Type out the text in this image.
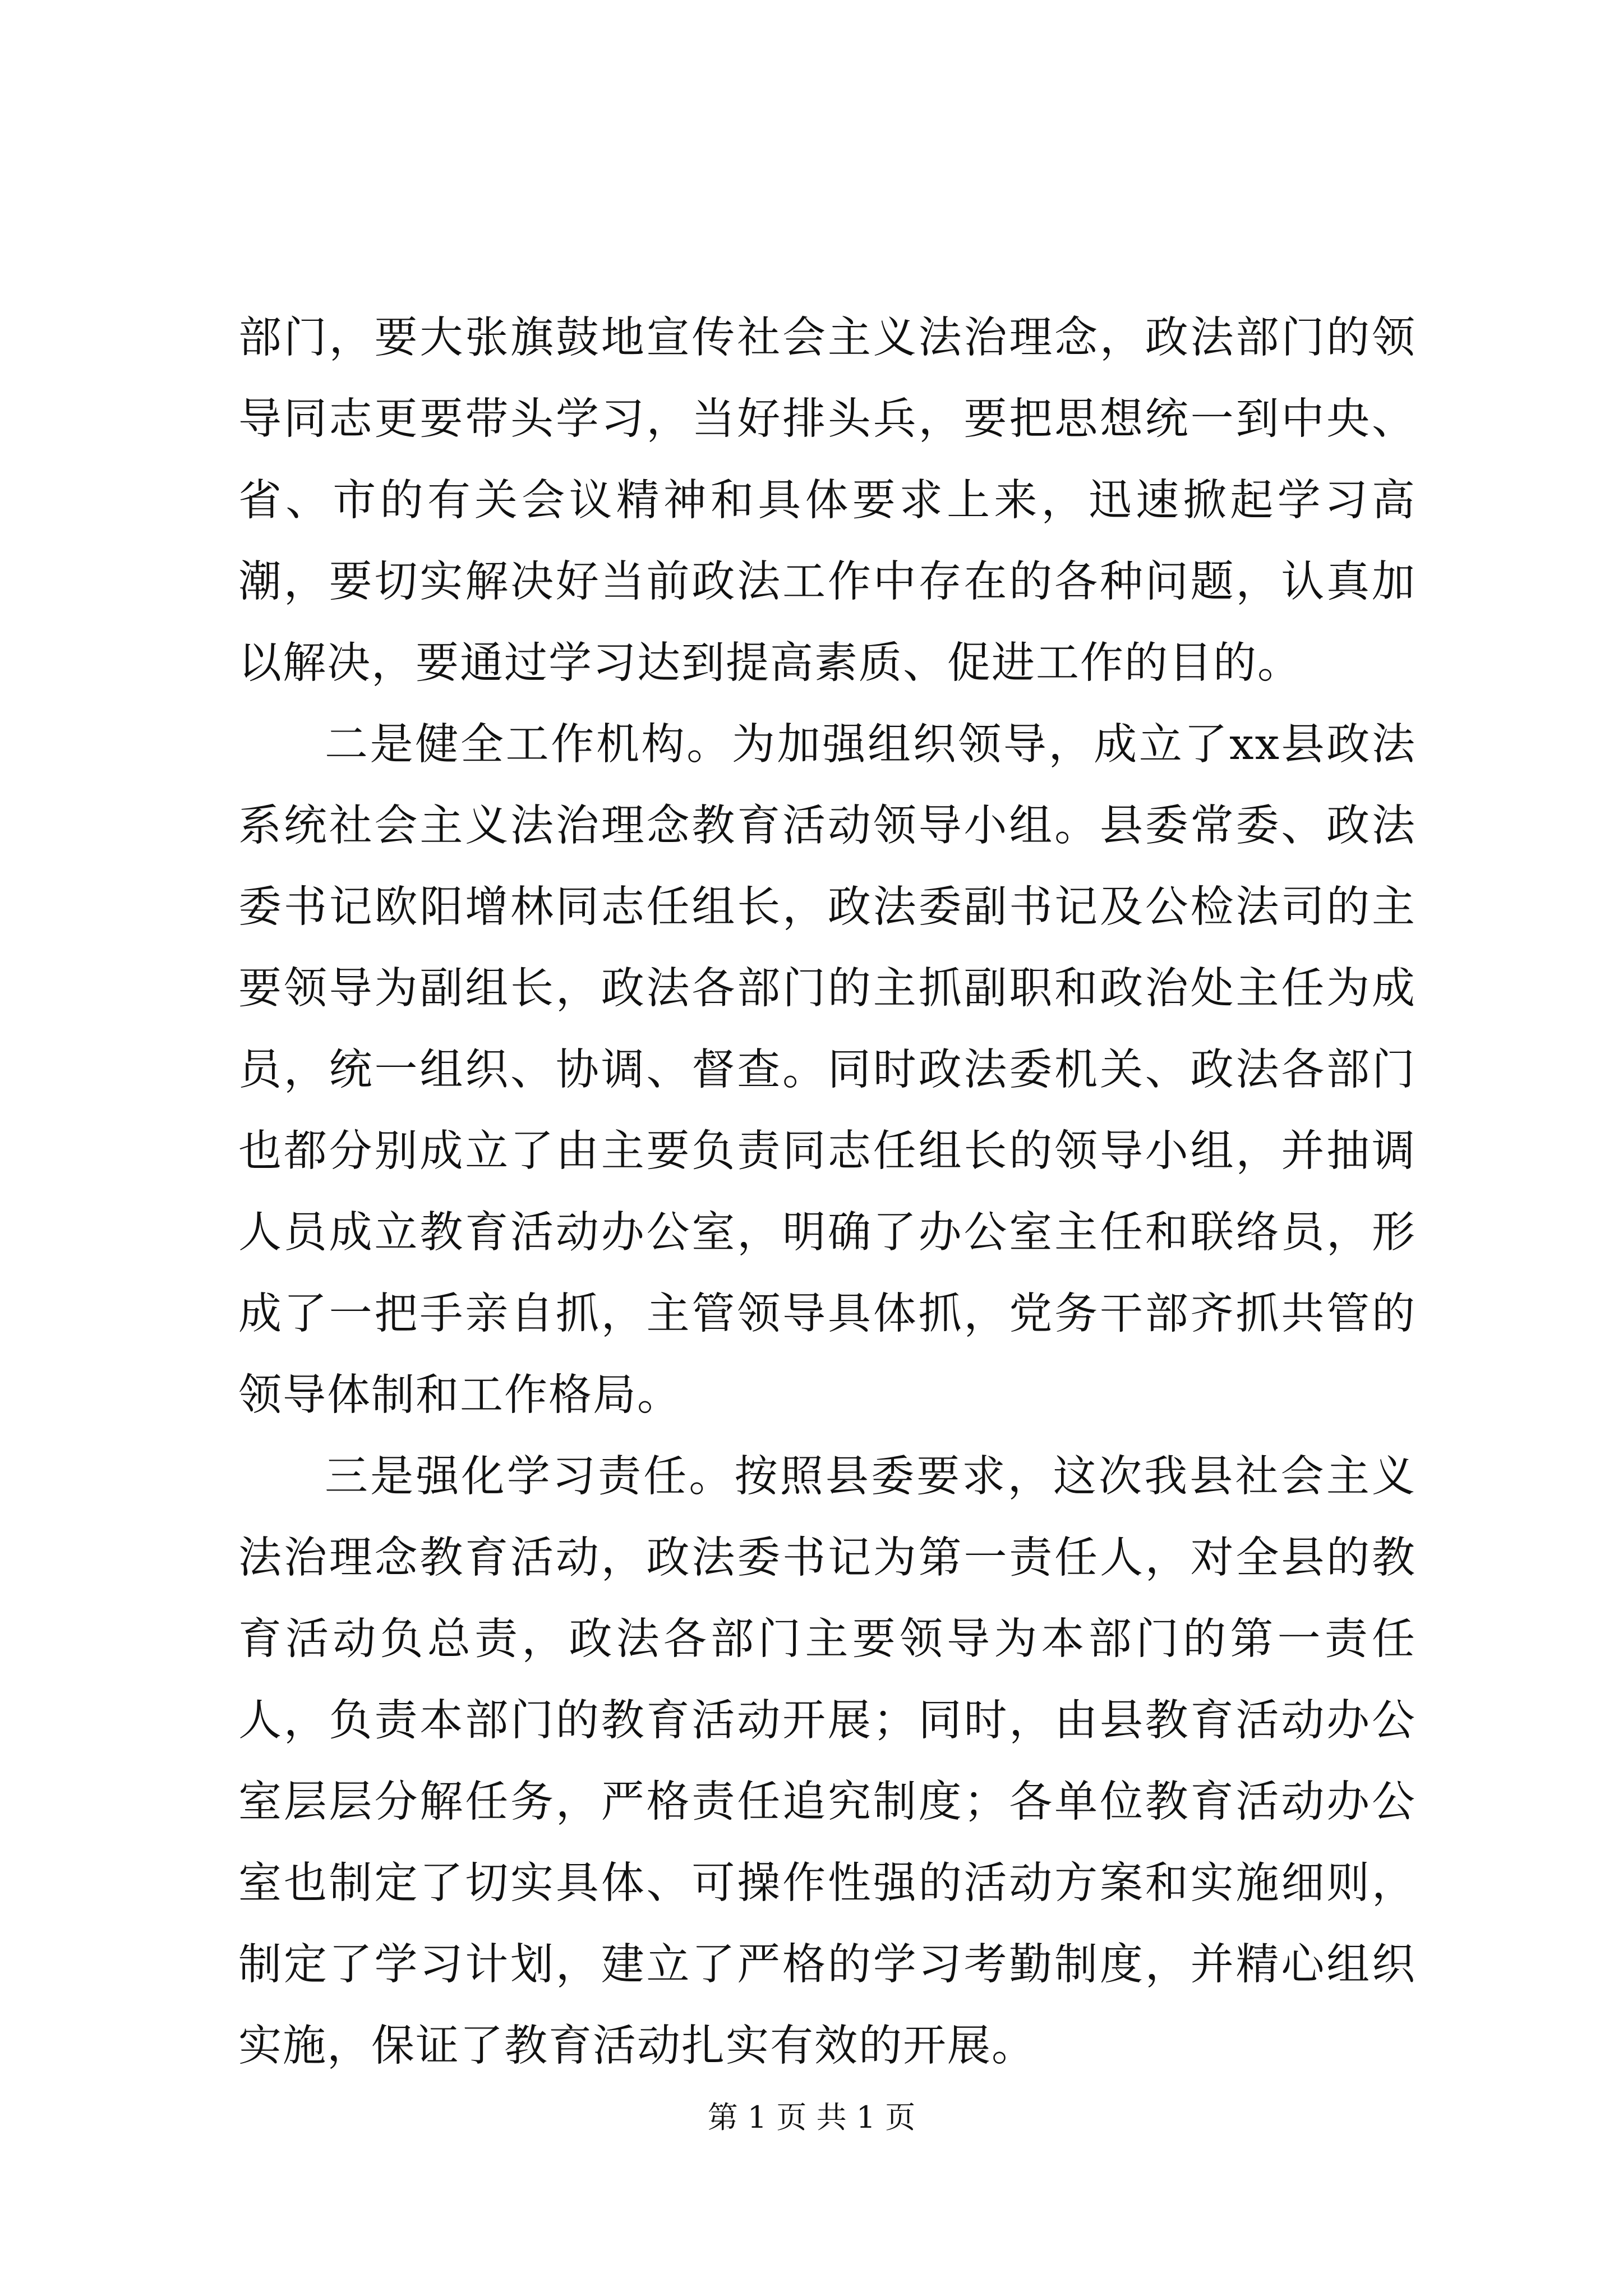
部门，要大张旗鼓地宣传社会主义法治理念，政法部门的领导同志更要带头学习，当好排头兵，要把思想统一到中央、省、市的有关会议精神和具体要求上来，迅速掀起学习高潮，要切实解决好当前政法工作中存在的各种问题，认真加以解决，要通过学习达到提高素质、促进工作的目的。

二是健全工作机构。为加强组织领导，成立了xx县政法系统社会主义法治理念教育活动领导小组。县委常委、政法委书记欧阳增林同志任组长，政法委副书记及公检法司的主要领导为副组长，政法各部门的主抓副职和政治处主任为成员，统一组织、协调、督查。同时政法委机关、政法各部门也都分别成立了由主要负责同志任组长的领导小组，并抽调人员成立教育活动办公室，明确了办公室主任和联络员，形成了一把手亲自抓，主管领导具体抓，党务干部齐抓共管的领导体制和工作格局。

三是强化学习责任。按照县委要求，这次我县社会主义法治理念教育活动，政法委书记为第一责任人，对全县的教育活动负总责，政法各部门主要领导为本部门的第一责任人，负责本部门的教育活动开展；同时，由县教育活动办公室层层分解任务，严格责任追究制度；各单位教育活动办公室也制定了切实具体、可操作性强的活动方案和实施细则，制定了学习计划，建立了严格的学习考勤制度，并精心组织实施，保证了教育活动扎实有效的开展。

第 1 页 共 1 页
